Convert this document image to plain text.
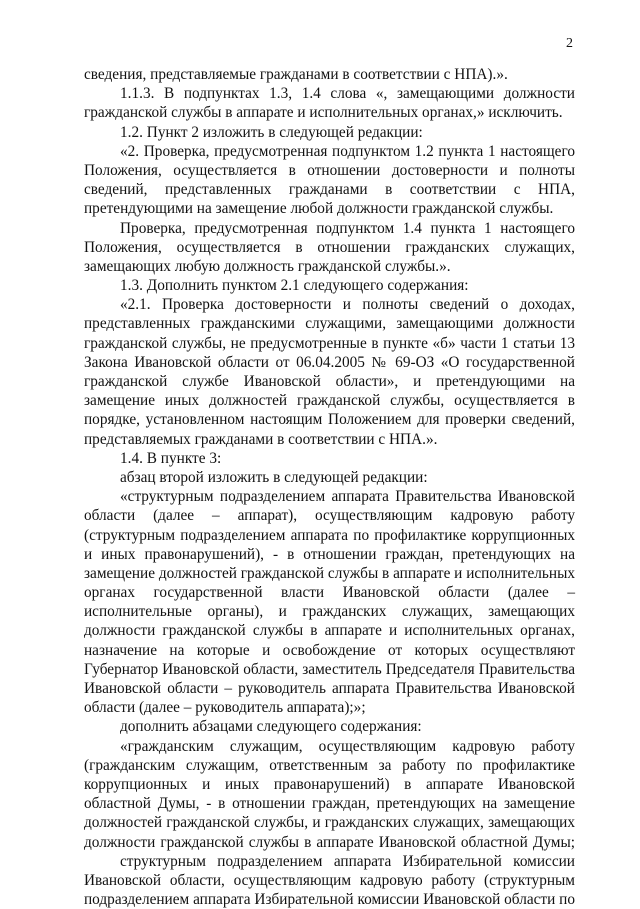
2
сведения, представляемые гражданами в соответствии с НПА).».
1.1.3. В подпунктах 1.3, 1.4 слова «, замещающими должности
гражданской службы в аппарате и исполнительных органах,» исключить.
1.2. Пункт 2 изложить в следующей редакции:
«2. Проверка, предусмотренная подпунктом 1.2 пункта 1 настоящего
Положения, осуществляется в отношении достоверности и полноты
сведений, представленных гражданами в соответствии с НПА,
претендующими на замещение любой должности гражданской службы.
Проверка, предусмотренная подпунктом 1.4 пункта 1 настоящего
Положения, осуществляется в отношении гражданских служащих,
замещающих любую должность гражданской службы.».
1.3. Дополнить пунктом 2.1 следующего содержания:
«2.1. Проверка достоверности и полноты сведений о доходах,
представленных гражданскими служащими, замещающими должности
гражданской службы, не предусмотренные в пункте «б» части 1 статьи 13
Закона Ивановской области от 06.04.2005 № 69-ОЗ «О государственной
гражданской службе Ивановской области», и претендующими на
замещение иных должностей гражданской службы, осуществляется в
порядке, установленном настоящим Положением для проверки сведений,
представляемых гражданами в соответствии с НПА.».
1.4. В пункте 3:
абзац второй изложить в следующей редакции:
«структурным подразделением аппарата Правительства Ивановской
области (далее – аппарат), осуществляющим кадровую работу
(структурным подразделением аппарата по профилактике коррупционных
и иных правонарушений), - в отношении граждан, претендующих на
замещение должностей гражданской службы в аппарате и исполнительных
органах государственной власти Ивановской области (далее –
исполнительные органы), и гражданских служащих, замещающих
должности гражданской службы в аппарате и исполнительных органах,
назначение на которые и освобождение от которых осуществляют
Губернатор Ивановской области, заместитель Председателя Правительства
Ивановской области – руководитель аппарата Правительства Ивановской
области (далее – руководитель аппарата);»;
дополнить абзацами следующего содержания:
«гражданским служащим, осуществляющим кадровую работу
(гражданским служащим, ответственным за работу по профилактике
коррупционных и иных правонарушений) в аппарате Ивановской
областной Думы, - в отношении граждан, претендующих на замещение
должностей гражданской службы, и гражданских служащих, замещающих
должности гражданской службы в аппарате Ивановской областной Думы;
структурным подразделением аппарата Избирательной комиссии
Ивановской области, осуществляющим кадровую работу (структурным
подразделением аппарата Избирательной комиссии Ивановской области по
